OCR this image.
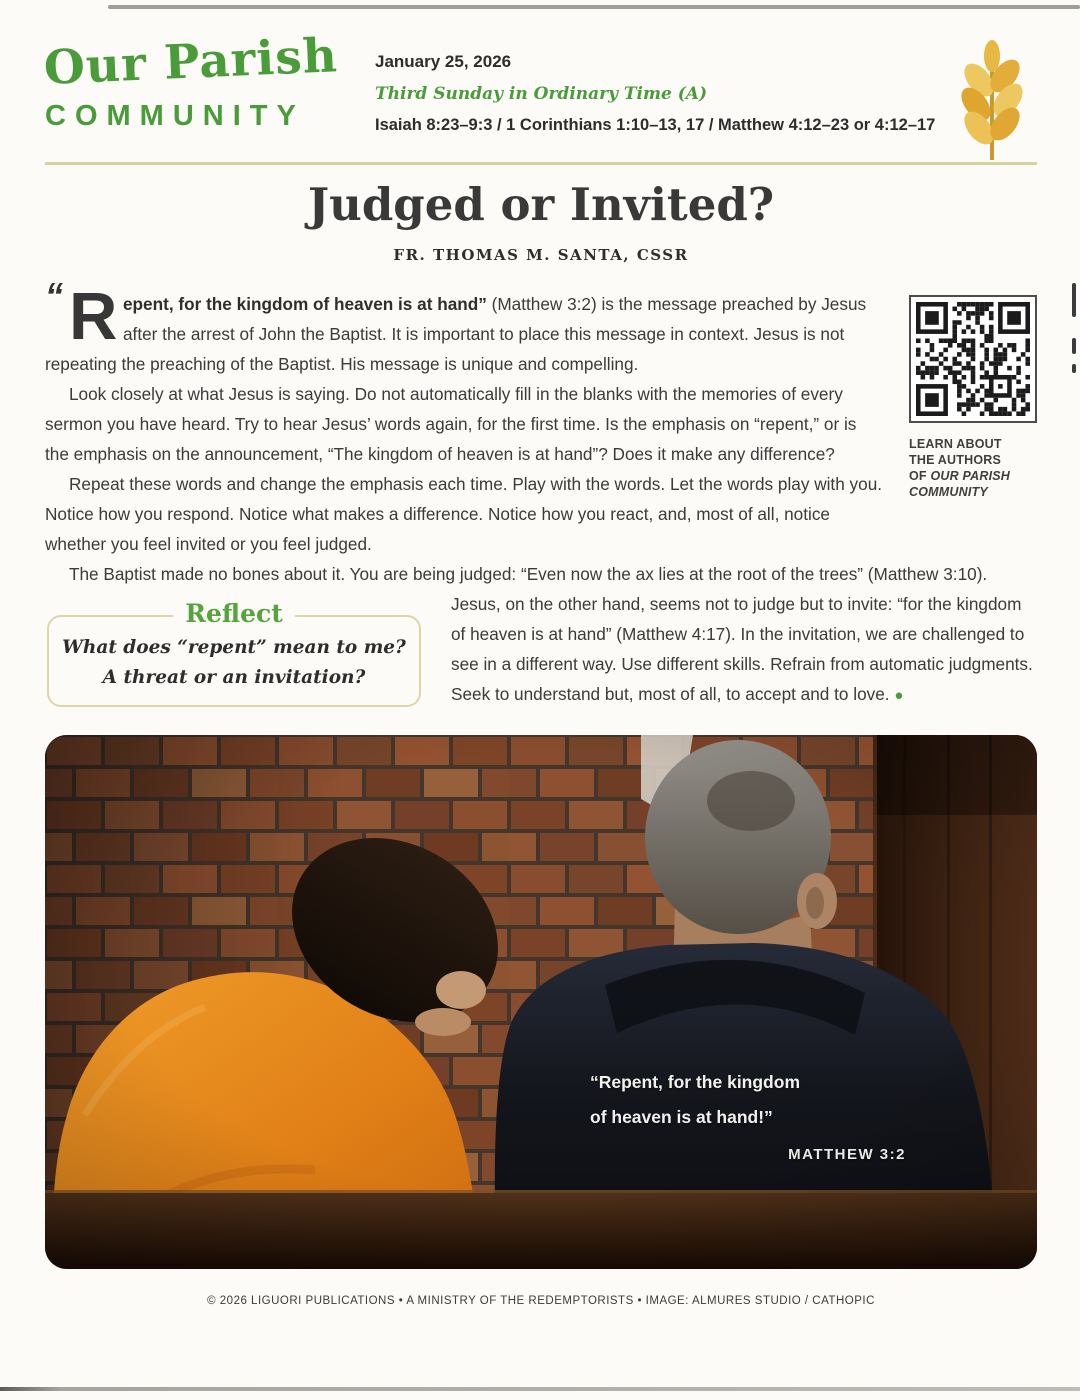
Our Parish
COMMUNITY
January 25, 2026
Third Sunday in Ordinary Time (A)
Isaiah 8:23–9:3 / 1 Corinthians 1:10–13, 17 / Matthew 4:12–23 or 4:12–17
Judged or Invited?
FR. THOMAS M. SANTA, CSSR
LEARN ABOUT THE AUTHORS OF OUR PARISH COMMUNITY

“ R epent, for the kingdom of heaven is at hand” (Matthew 3:2) is the message preached by Jesus after the arrest of John the Baptist. It is important to place this message in context. Jesus is not repeating the preaching of the Baptist. His message is unique and compelling.

Look closely at what Jesus is saying. Do not automatically fill in the blanks with the memories of every sermon you have heard. Try to hear Jesus’ words again, for the first time. Is the emphasis on “repent,” or is the emphasis on the announcement, “The kingdom of heaven is at hand”? Does it make any difference?

Repeat these words and change the emphasis each time. Play with the words. Let the words play with you. Notice how you respond. Notice what makes a difference. Notice how you react, and, most of all, notice whether you feel invited or you feel judged.

The Baptist made no bones about it. You are being judged: “Even now the ax lies at the root of the trees” (Matthew 3:10). Jesus, on the other hand, seems not to judge but to invite: “for the
Reflect
What does “repent” mean to me?
A threat or an invitation?
kingdom of heaven is at hand” (Matthew 4:17). In the invitation, we are challenged to see in a different way. Use different skills. Refrain from automatic judgments. Seek to understand but, most of all, to accept and to love. ●

“Repent, for the kingdom
of heaven is at hand!”
MATTHEW 3:2
© 2026 LIGUORI PUBLICATIONS • A MINISTRY OF THE REDEMPTORISTS • IMAGE: ALMURES STUDIO / CATHOPIC
